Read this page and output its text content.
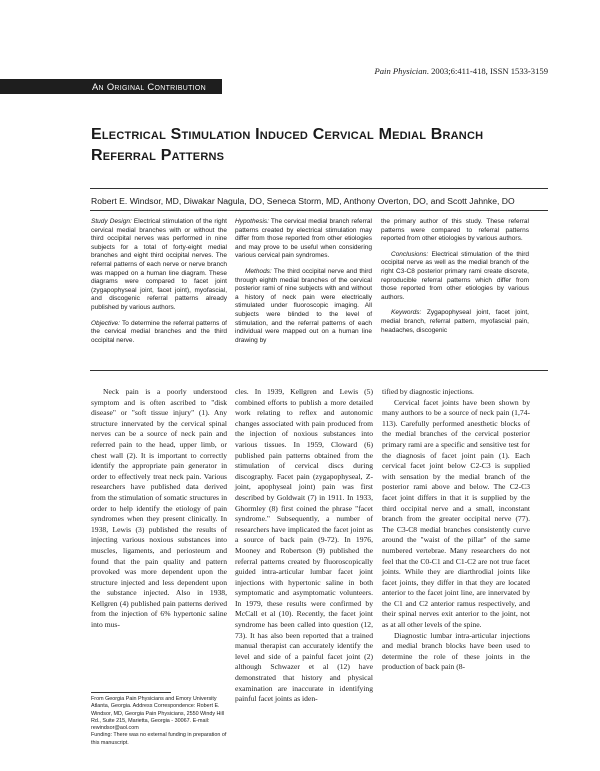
Pain Physician. 2003;6:411-418, ISSN 1533-3159
An Original Contribution
Electrical Stimulation Induced Cervical Medial Branch Referral Patterns
Robert E. Windsor, MD, Diwakar Nagula, DO, Seneca Storm, MD, Anthony Overton, DO, and Scott Jahnke, DO

Study Design: Electrical stimulation of the right cervical medial branches with or without the third occipital nerves was performed in nine subjects for a total of forty-eight medial branches and eight third occipital nerves. The referral patterns of each nerve or nerve branch was mapped on a human line diagram. These diagrams were compared to facet joint (zygapophyseal joint, facet joint), myofascial, and discogenic referral patterns already published by various authors.

Objective: To determine the referral patterns of the cervical medial branches and the third occipital nerve.

Hypothesis: The cervical medial branch referral patterns created by electrical stimulation may differ from those reported from other etiologies and may prove to be useful when considering various cervical pain syndromes.

Methods: The third occipital nerve and third through eighth medial branches of the cervical posterior rami of nine subjects with and without a history of neck pain were electrically stimulated under fluoroscopic imaging. All subjects were blinded to the level of stimulation, and the referral patterns of each individual were mapped out on a human line drawing by

the primary author of this study. These referral patterns were compared to referral patterns reported from other etiologies by various authors.

Conclusions: Electrical stimulation of the third occipital nerve as well as the medial branch of the right C3-C8 posterior primary rami create discrete, reproducible referral patterns which differ from those reported from other etiologies by various authors.

Keywords: Zygapophyseal joint, facet joint, medial branch, referral pattern, myofascial pain, headaches, discogenic

Neck pain is a poorly understood symptom and is often ascribed to "disk disease" or "soft tissue injury" (1). Any structure innervated by the cervical spinal nerves can be a source of neck pain and referred pain to the head, upper limb, or chest wall (2). It is important to correctly identify the appropriate pain generator in order to effectively treat neck pain. Various researchers have published data derived from the stimulation of somatic structures in order to help identify the etiology of pain syndromes when they present clinically. In 1938, Lewis (3) published the results of injecting various noxious substances into muscles, ligaments, and periosteum and found that the pain quality and pattern provoked was more dependent upon the structure injected and less dependent upon the substance injected. Also in 1938, Kellgren (4) published pain patterns derived from the injection of 6% hypertonic saline into mus-

cles. In 1939, Kellgren and Lewis (5) combined efforts to publish a more detailed work relating to reflex and autonomic changes associated with pain produced from the injection of noxious substances into various tissues. In 1959, Cloward (6) published pain patterns obtained from the stimulation of cervical discs during discography. Facet pain (zygapophyseal, Z-joint, apophyseal joint) pain was first described by Goldwait (7) in 1911. In 1933, Ghormley (8) first coined the phrase "facet syndrome." Subsequently, a number of researchers have implicated the facet joint as a source of back pain (9-72). In 1976, Mooney and Robertson (9) published the referral patterns created by fluoroscopically guided intra-articular lumbar facet joint injections with hypertonic saline in both symptomatic and asymptomatic volunteers. In 1979, these results were confirmed by McCall et al (10). Recently, the facet joint syndrome has been called into question (12, 73). It has also been reported that a trained manual therapist can accurately identify the level and side of a painful facet joint (2) although Schwazer et al (12) have demonstrated that history and physical examination are inaccurate in identifying painful facet joints as iden-

tified by diagnostic injections.

Cervical facet joints have been shown by many authors to be a source of neck pain (1,74-113). Carefully performed anesthetic blocks of the medial branches of the cervical posterior primary rami are a specific and sensitive test for the diagnosis of facet joint pain (1). Each cervical facet joint below C2-C3 is supplied with sensation by the medial branch of the posterior rami above and below. The C2-C3 facet joint differs in that it is supplied by the third occipital nerve and a small, inconstant branch from the greater occipital nerve (77). The C3-C8 medial branches consistently curve around the "waist of the pillar" of the same numbered vertebrae. Many researchers do not feel that the C0-C1 and C1-C2 are not true facet joints. While they are diarthrodial joints like facet joints, they differ in that they are located anterior to the facet joint line, are innervated by the C1 and C2 anterior ramus respectively, and their spinal nerves exit anterior to the joint, not as at all other levels of the spine.

Diagnostic lumbar intra-articular injections and medial branch blocks have been used to determine the role of these joints in the production of back pain (8-

From Georgia Pain Physicians and Emory University Atlanta, Georgia. Address Correspondence: Robert E. Windsor, MD, Georgia Pain Physicians, 2550 Windy Hill Rd., Suite 215, Marietta, Georgia - 30067. E-mail: rewindsor@aol.com
Funding: There was no external funding in preparation of this manuscript.
